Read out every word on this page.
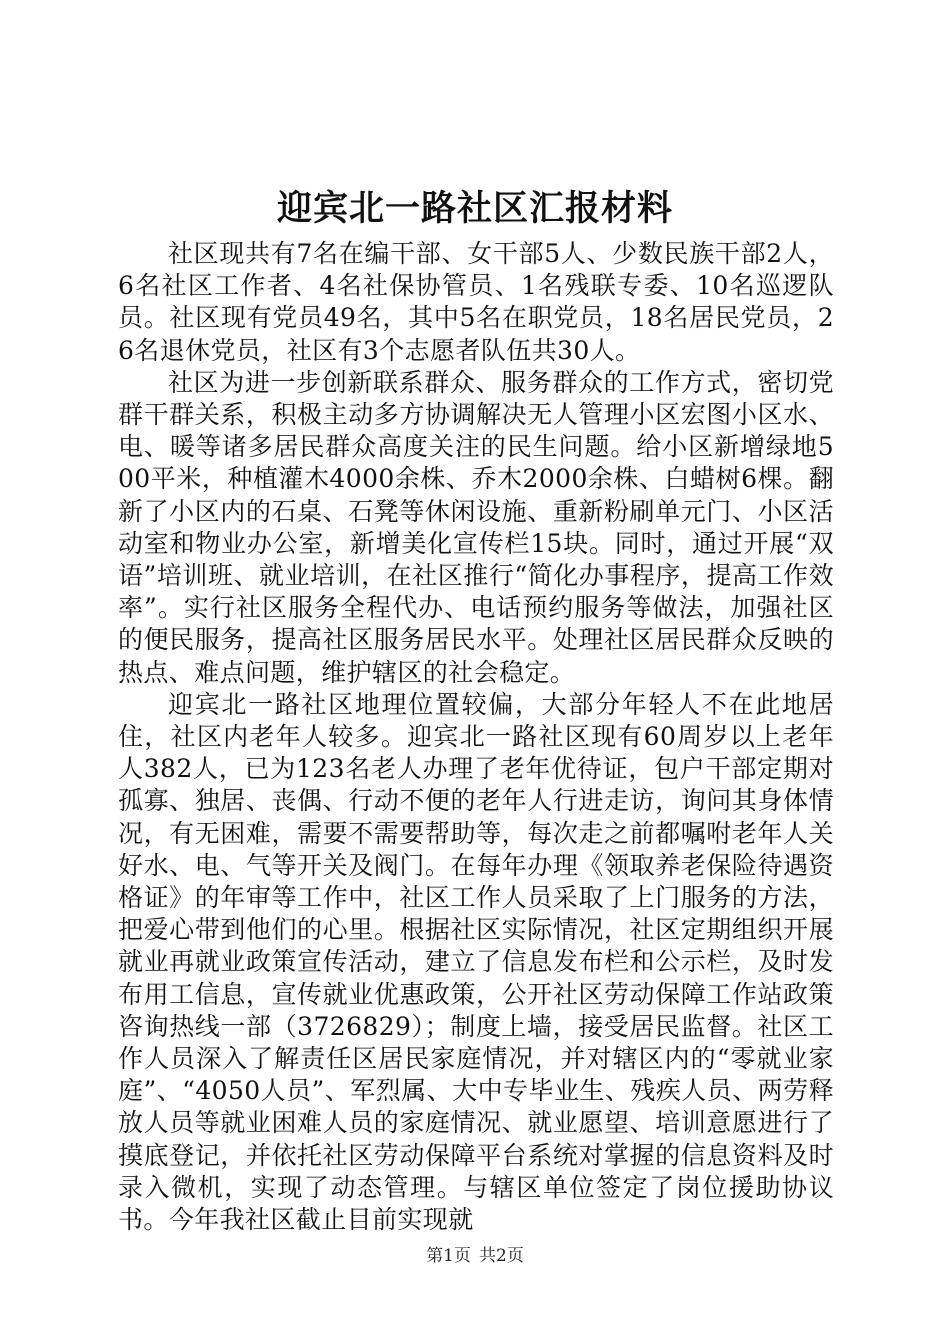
迎宾北一路社区汇报材料

社区现共有7名在编干部、女干部5人、少数民族干部2人，6名社区工作者、4名社保协管员、1名残联专委、10名巡逻队员。社区现有党员49名，其中5名在职党员，18名居民党员，26名退休党员，社区有3个志愿者队伍共30人。

社区为进一步创新联系群众、服务群众的工作方式，密切党群干群关系，积极主动多方协调解决无人管理小区宏图小区水、电、暖等诸多居民群众高度关注的民生问题。给小区新增绿地500平米，种植灌木4000余株、乔木2000余株、白蜡树6棵。翻新了小区内的石桌、石凳等休闲设施、重新粉刷单元门、小区活动室和物业办公室，新增美化宣传栏15块。同时，通过开展“双语”培训班、就业培训，在社区推行“简化办事程序，提高工作效率”。实行社区服务全程代办、电话预约服务等做法，加强社区的便民服务，提高社区服务居民水平。处理社区居民群众反映的热点、难点问题，维护辖区的社会稳定。

迎宾北一路社区地理位置较偏，大部分年轻人不在此地居住，社区内老年人较多。迎宾北一路社区现有60周岁以上老年人382人，已为123名老人办理了老年优待证，包户干部定期对孤寡、独居、丧偶、行动不便的老年人行进走访，询问其身体情况，有无困难，需要不需要帮助等，每次走之前都嘱咐老年人关好水、电、气等开关及阀门。在每年办理《领取养老保险待遇资格证》的年审等工作中，社区工作人员采取了上门服务的方法，把爱心带到他们的心里。根据社区实际情况，社区定期组织开展就业再就业政策宣传活动，建立了信息发布栏和公示栏，及时发布用工信息，宣传就业优惠政策，公开社区劳动保障工作站政策咨询热线一部（3726829）；制度上墙，接受居民监督。社区工作人员深入了解责任区居民家庭情况，并对辖区内的“零就业家庭”、“4050人员”、军烈属、大中专毕业生、残疾人员、两劳释放人员等就业困难人员的家庭情况、就业愿望、培训意愿进行了摸底登记，并依托社区劳动保障平台系统对掌握的信息资料及时录入微机，实现了动态管理。与辖区单位签定了岗位援助协议书。今年我社区截止目前实现就

第1页 共2页
